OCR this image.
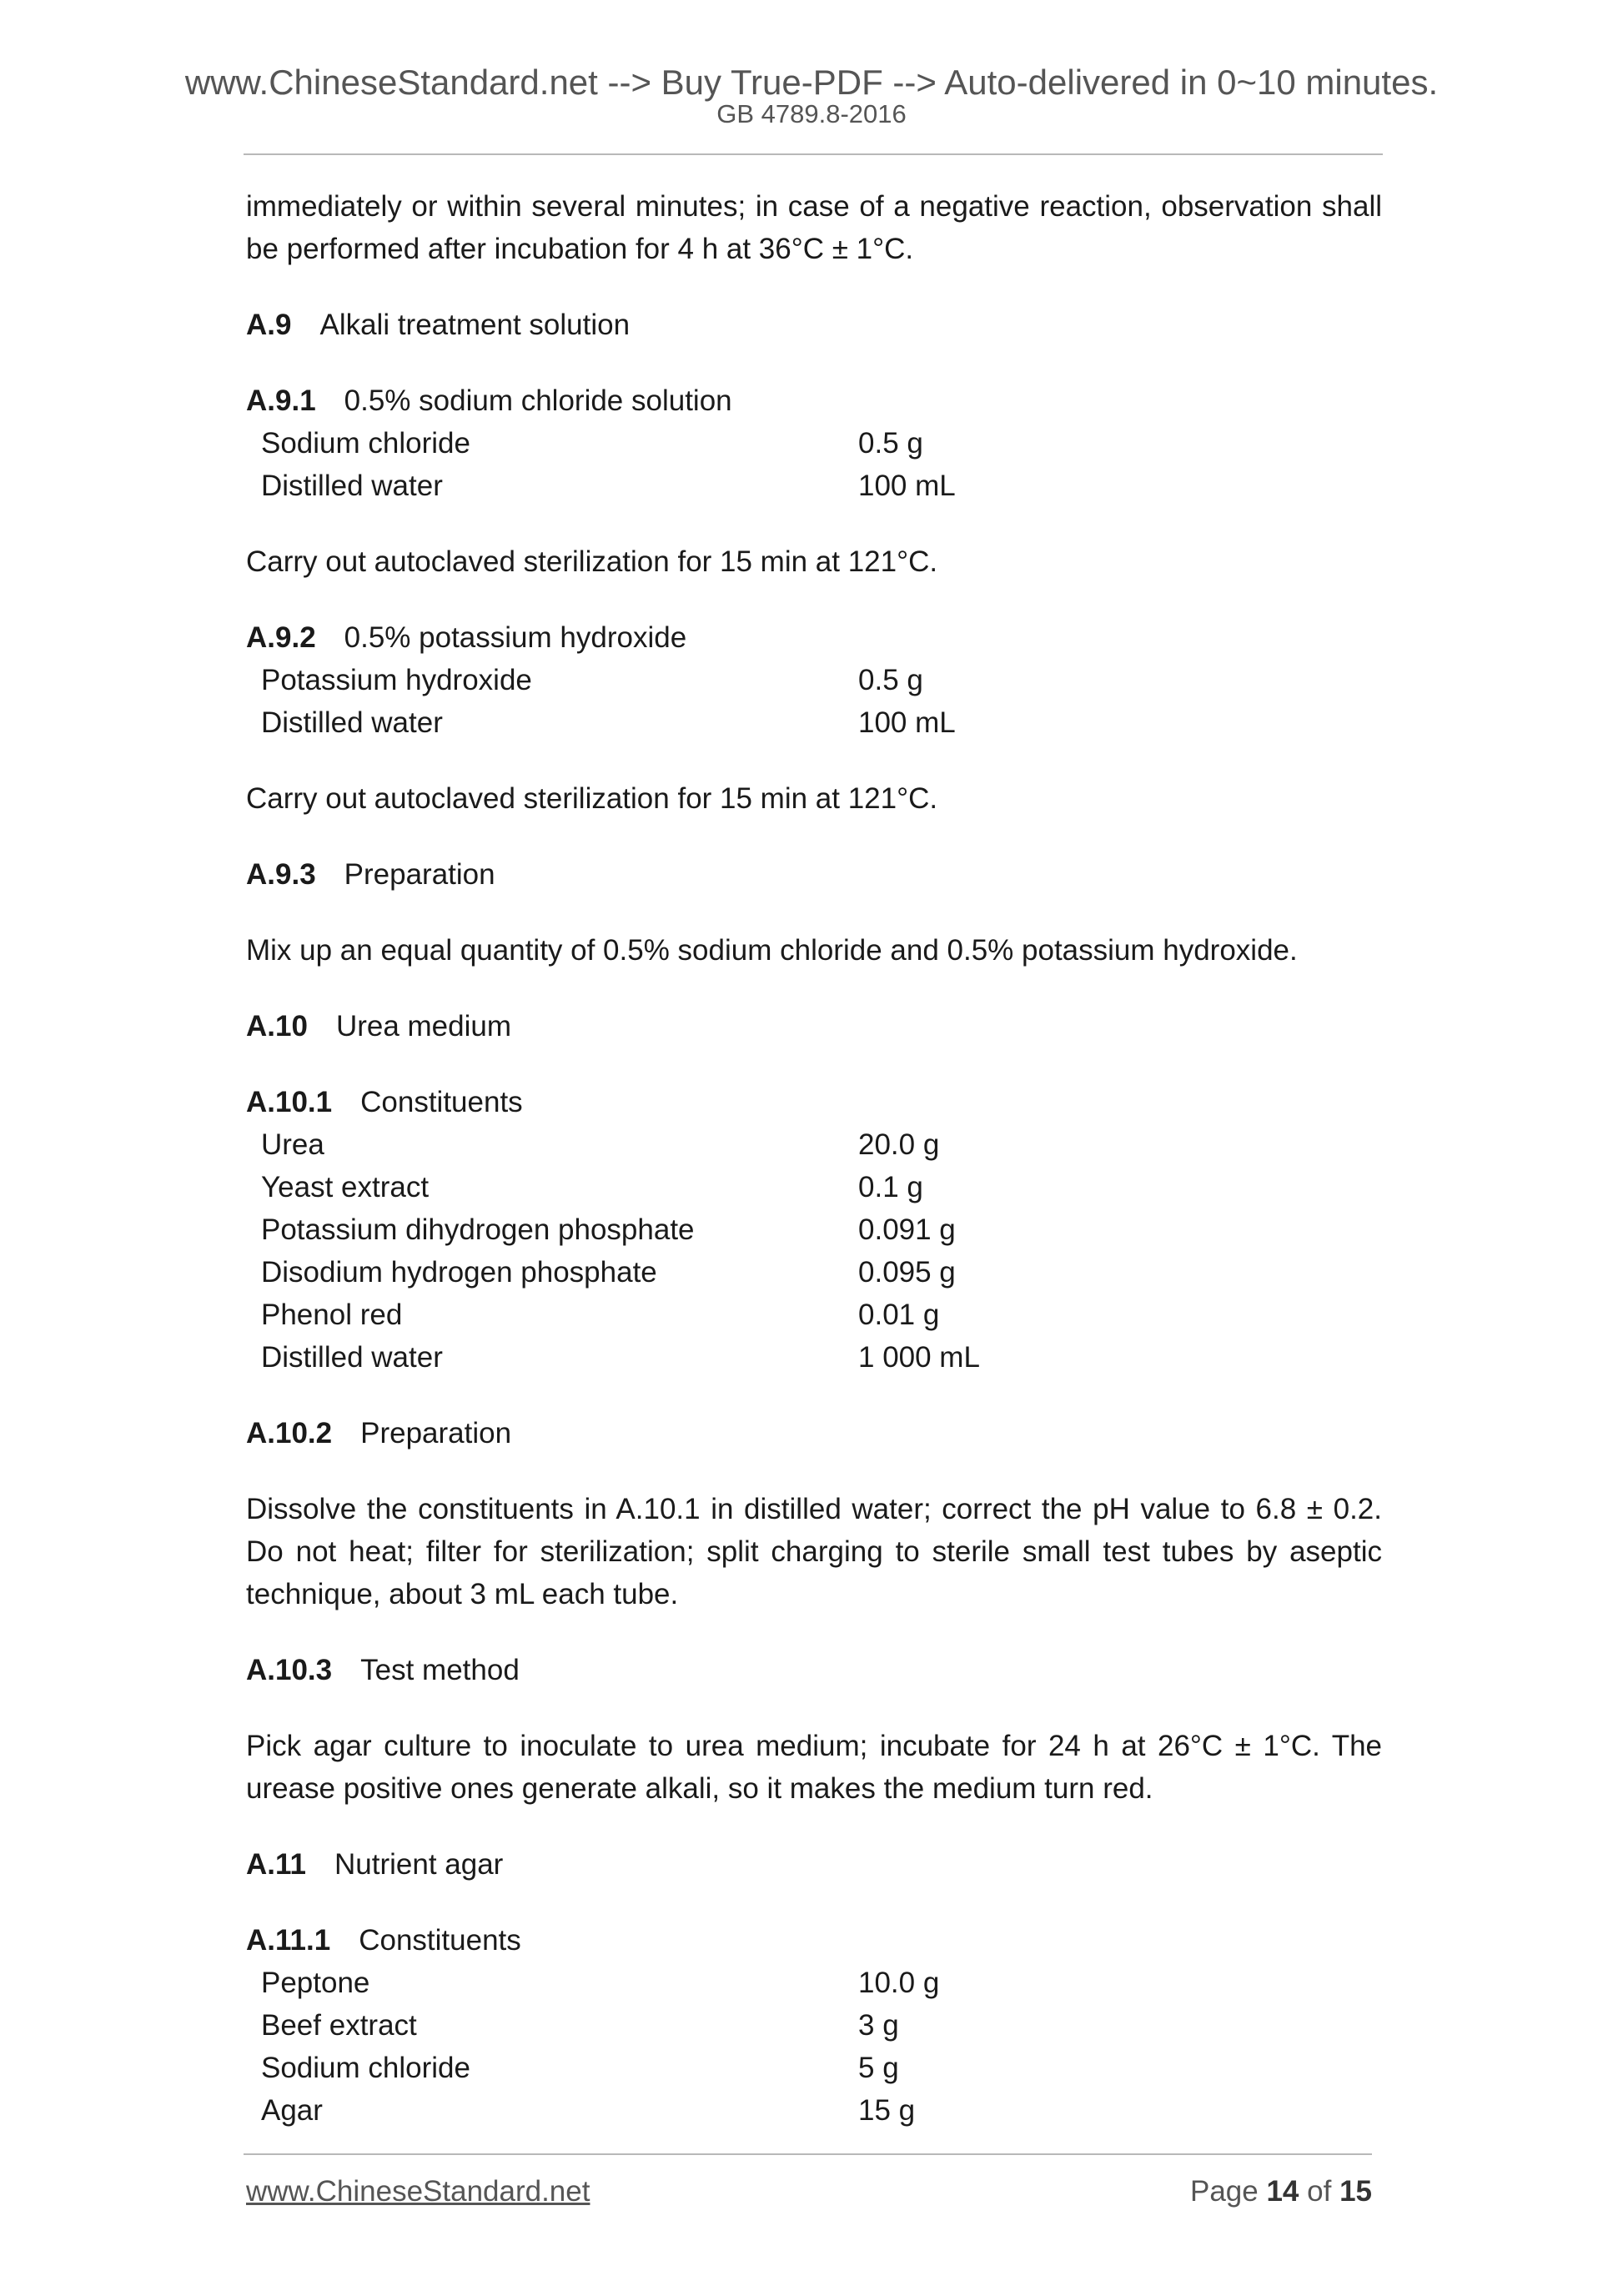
www.ChineseStandard.net --> Buy True-PDF --> Auto-delivered in 0~10 minutes.
GB 4789.8-2016

immediately or within several minutes; in case of a negative reaction, observation shall be performed after incubation for 4 h at 36°C ± 1°C.

A.9 Alkali treatment solution
A.9.1 0.5% sodium chloride solution
Sodium chloride	0.5 g
Distilled water	100 mL

Carry out autoclaved sterilization for 15 min at 121°C.

A.9.2 0.5% potassium hydroxide
Potassium hydroxide	0.5 g
Distilled water	100 mL

Carry out autoclaved sterilization for 15 min at 121°C.

A.9.3 Preparation

Mix up an equal quantity of 0.5% sodium chloride and 0.5% potassium hydroxide.

A.10 Urea medium
A.10.1 Constituents
Urea	20.0 g
Yeast extract	0.1 g
Potassium dihydrogen phosphate	0.091 g
Disodium hydrogen phosphate	0.095 g
Phenol red	0.01 g
Distilled water	1 000 mL
A.10.2 Preparation

Dissolve the constituents in A.10.1 in distilled water; correct the pH value to 6.8 ± 0.2. Do not heat; filter for sterilization; split charging to sterile small test tubes by aseptic technique, about 3 mL each tube.

A.10.3 Test method

Pick agar culture to inoculate to urea medium; incubate for 24 h at 26°C ± 1°C. The urease positive ones generate alkali, so it makes the medium turn red.

A.11 Nutrient agar
A.11.1 Constituents
Peptone	10.0 g
Beef extract	3 g
Sodium chloride	5 g
Agar	15 g
www.ChineseStandard.net	Page 14 of 15
